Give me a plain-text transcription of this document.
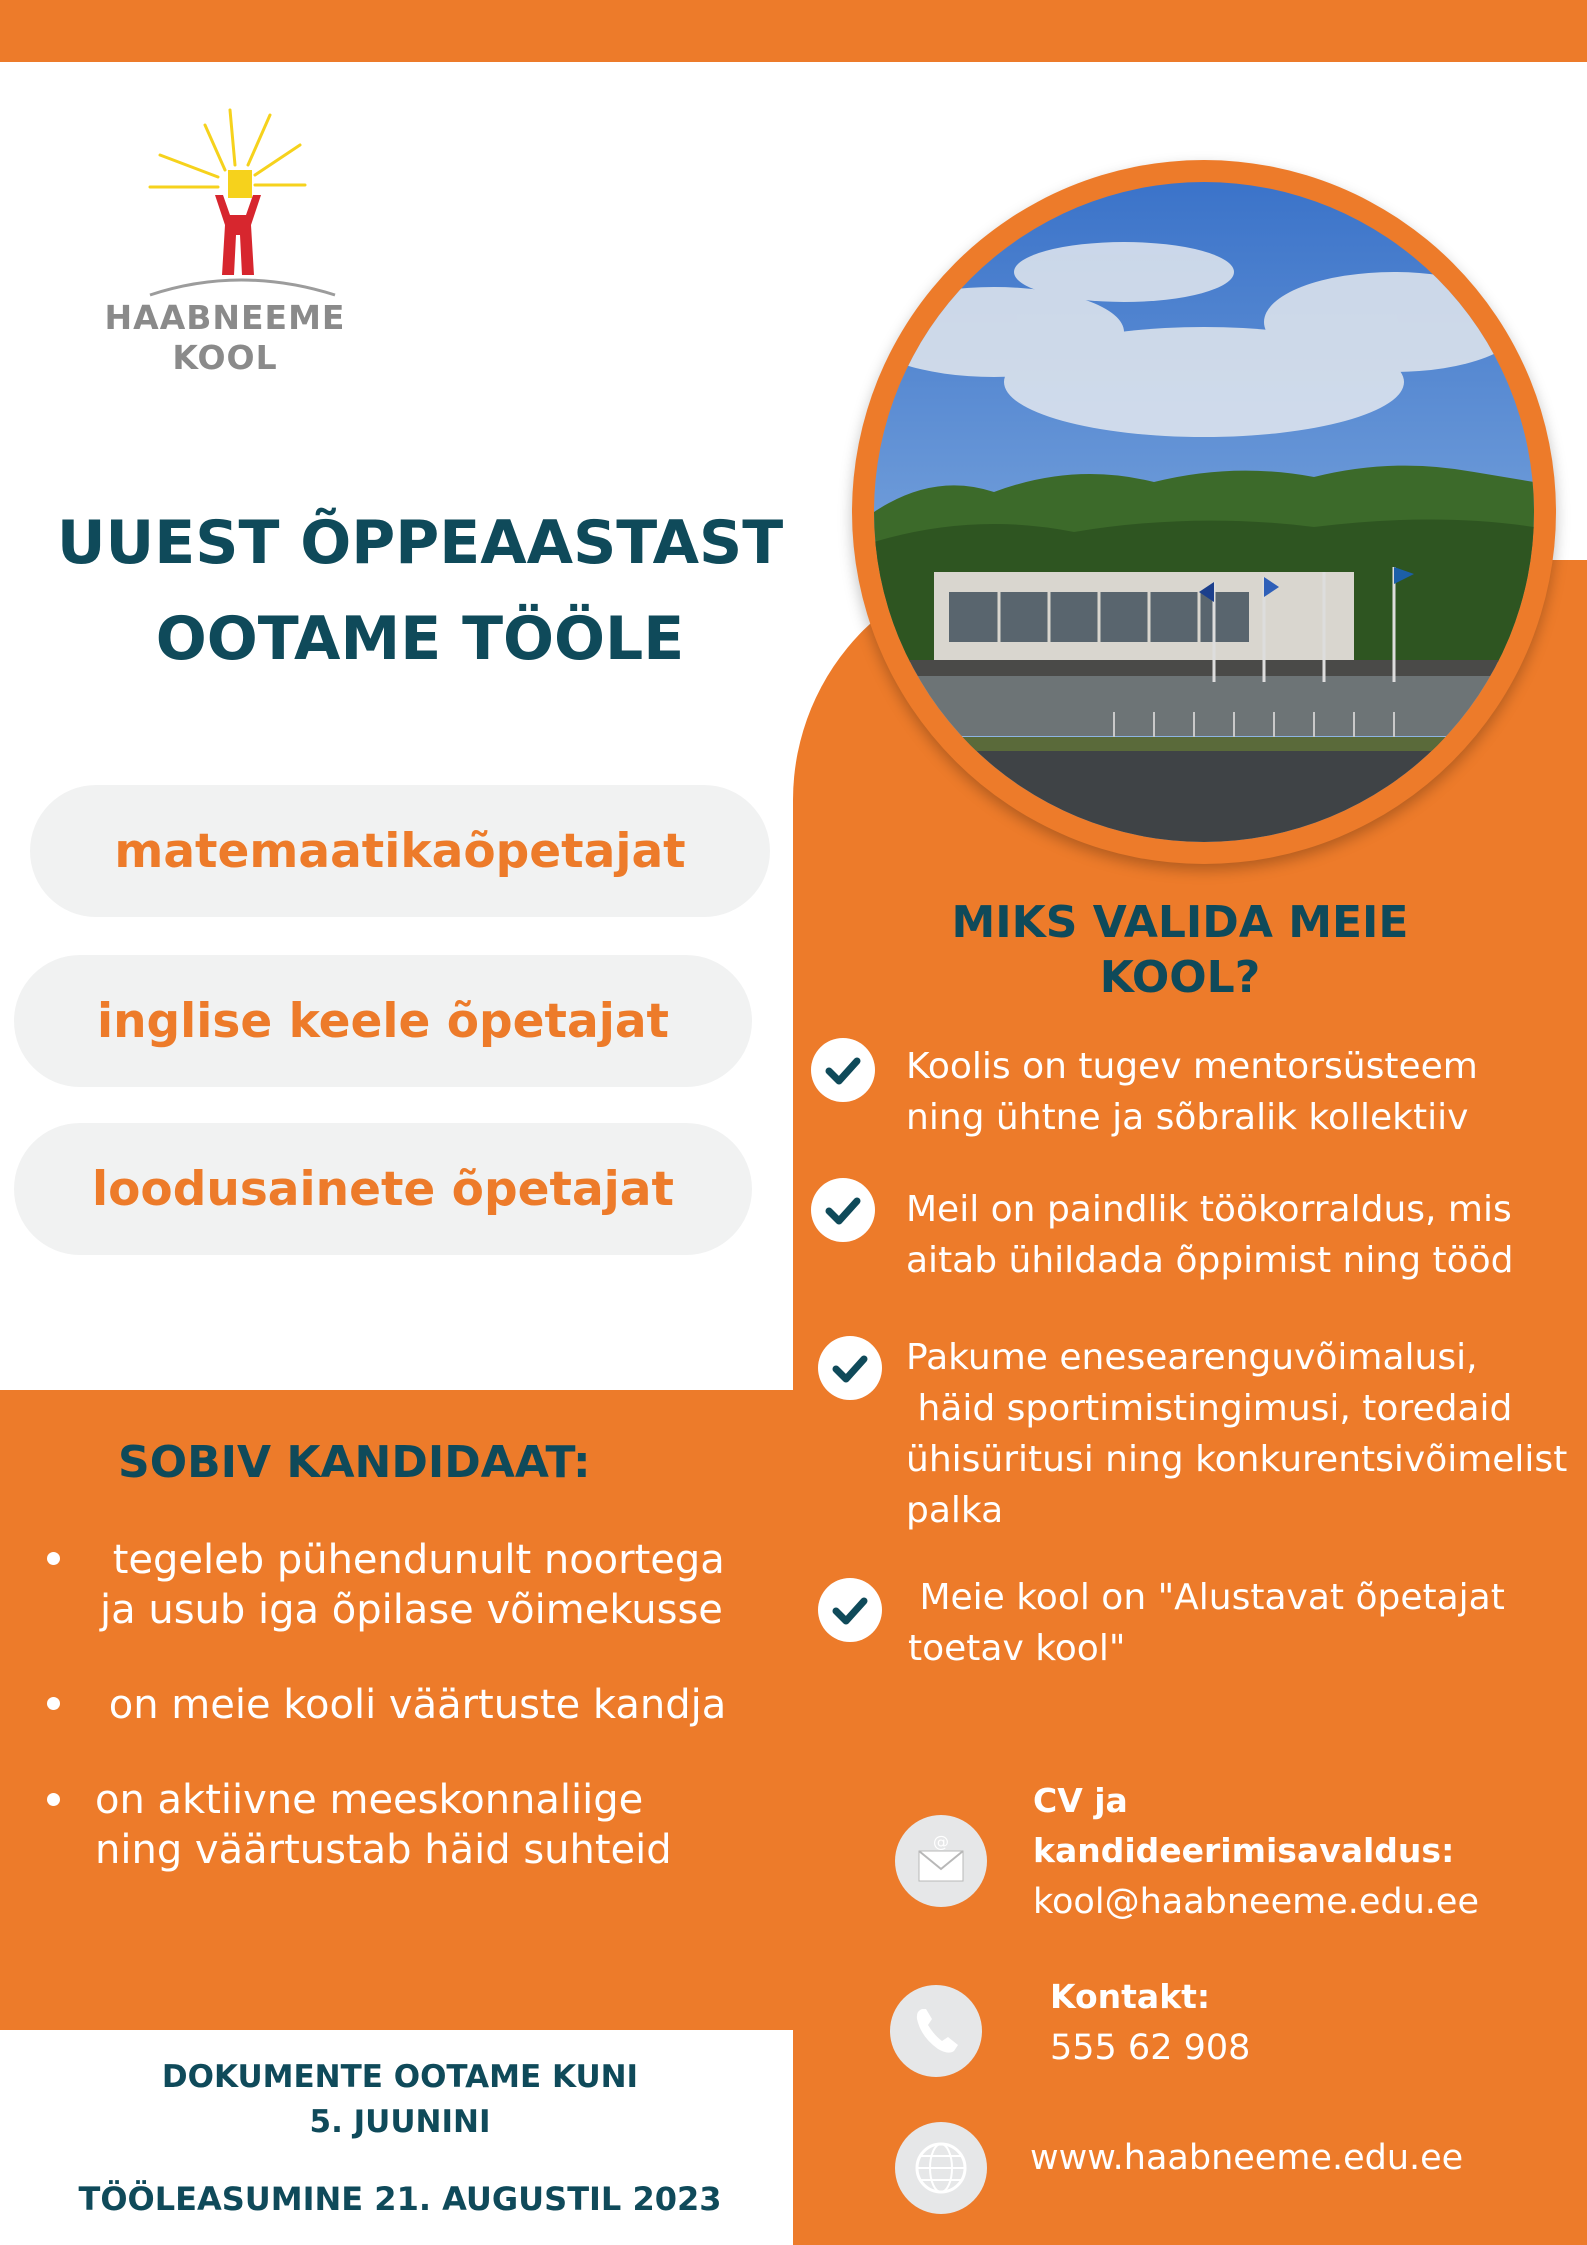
HAABNEEME
KOOL
UUEST ÕPPEAASTAST
OOTAME TÖÖLE
matemaatikaõpetajat
inglise keele õpetajat
loodusainete õpetajat
MIKS VALIDA MEIE
KOOL?
Koolis on tugev mentorsüsteem
ning ühtne ja sõbralik kollektiiv
Meil on paindlik töökorraldus, mis
aitab ühildada õppimist ning tööd
Pakume enesearenguvõimalusi,
häid sportimistingimusi, toredaid
ühisüritusi ning konkurentsivõimelist
palka
Meie kool on "Alustavat õpetajat
toetav kool"
SOBIV KANDIDAAT:
tegeleb pühendunult noortega
ja usub iga õpilase võimekusse
on meie kooli väärtuste kandja
on aktiivne meeskonnaliige
ning väärtustab häid suhteid
DOKUMENTE OOTAME KUNI
5. JUUNINI
TÖÖLEASUMINE 21. AUGUSTIL 2023
@
CV ja
kandideerimisavaldus:
kool@haabneeme.edu.ee
Kontakt:
555 62 908
www.haabneeme.edu.ee
